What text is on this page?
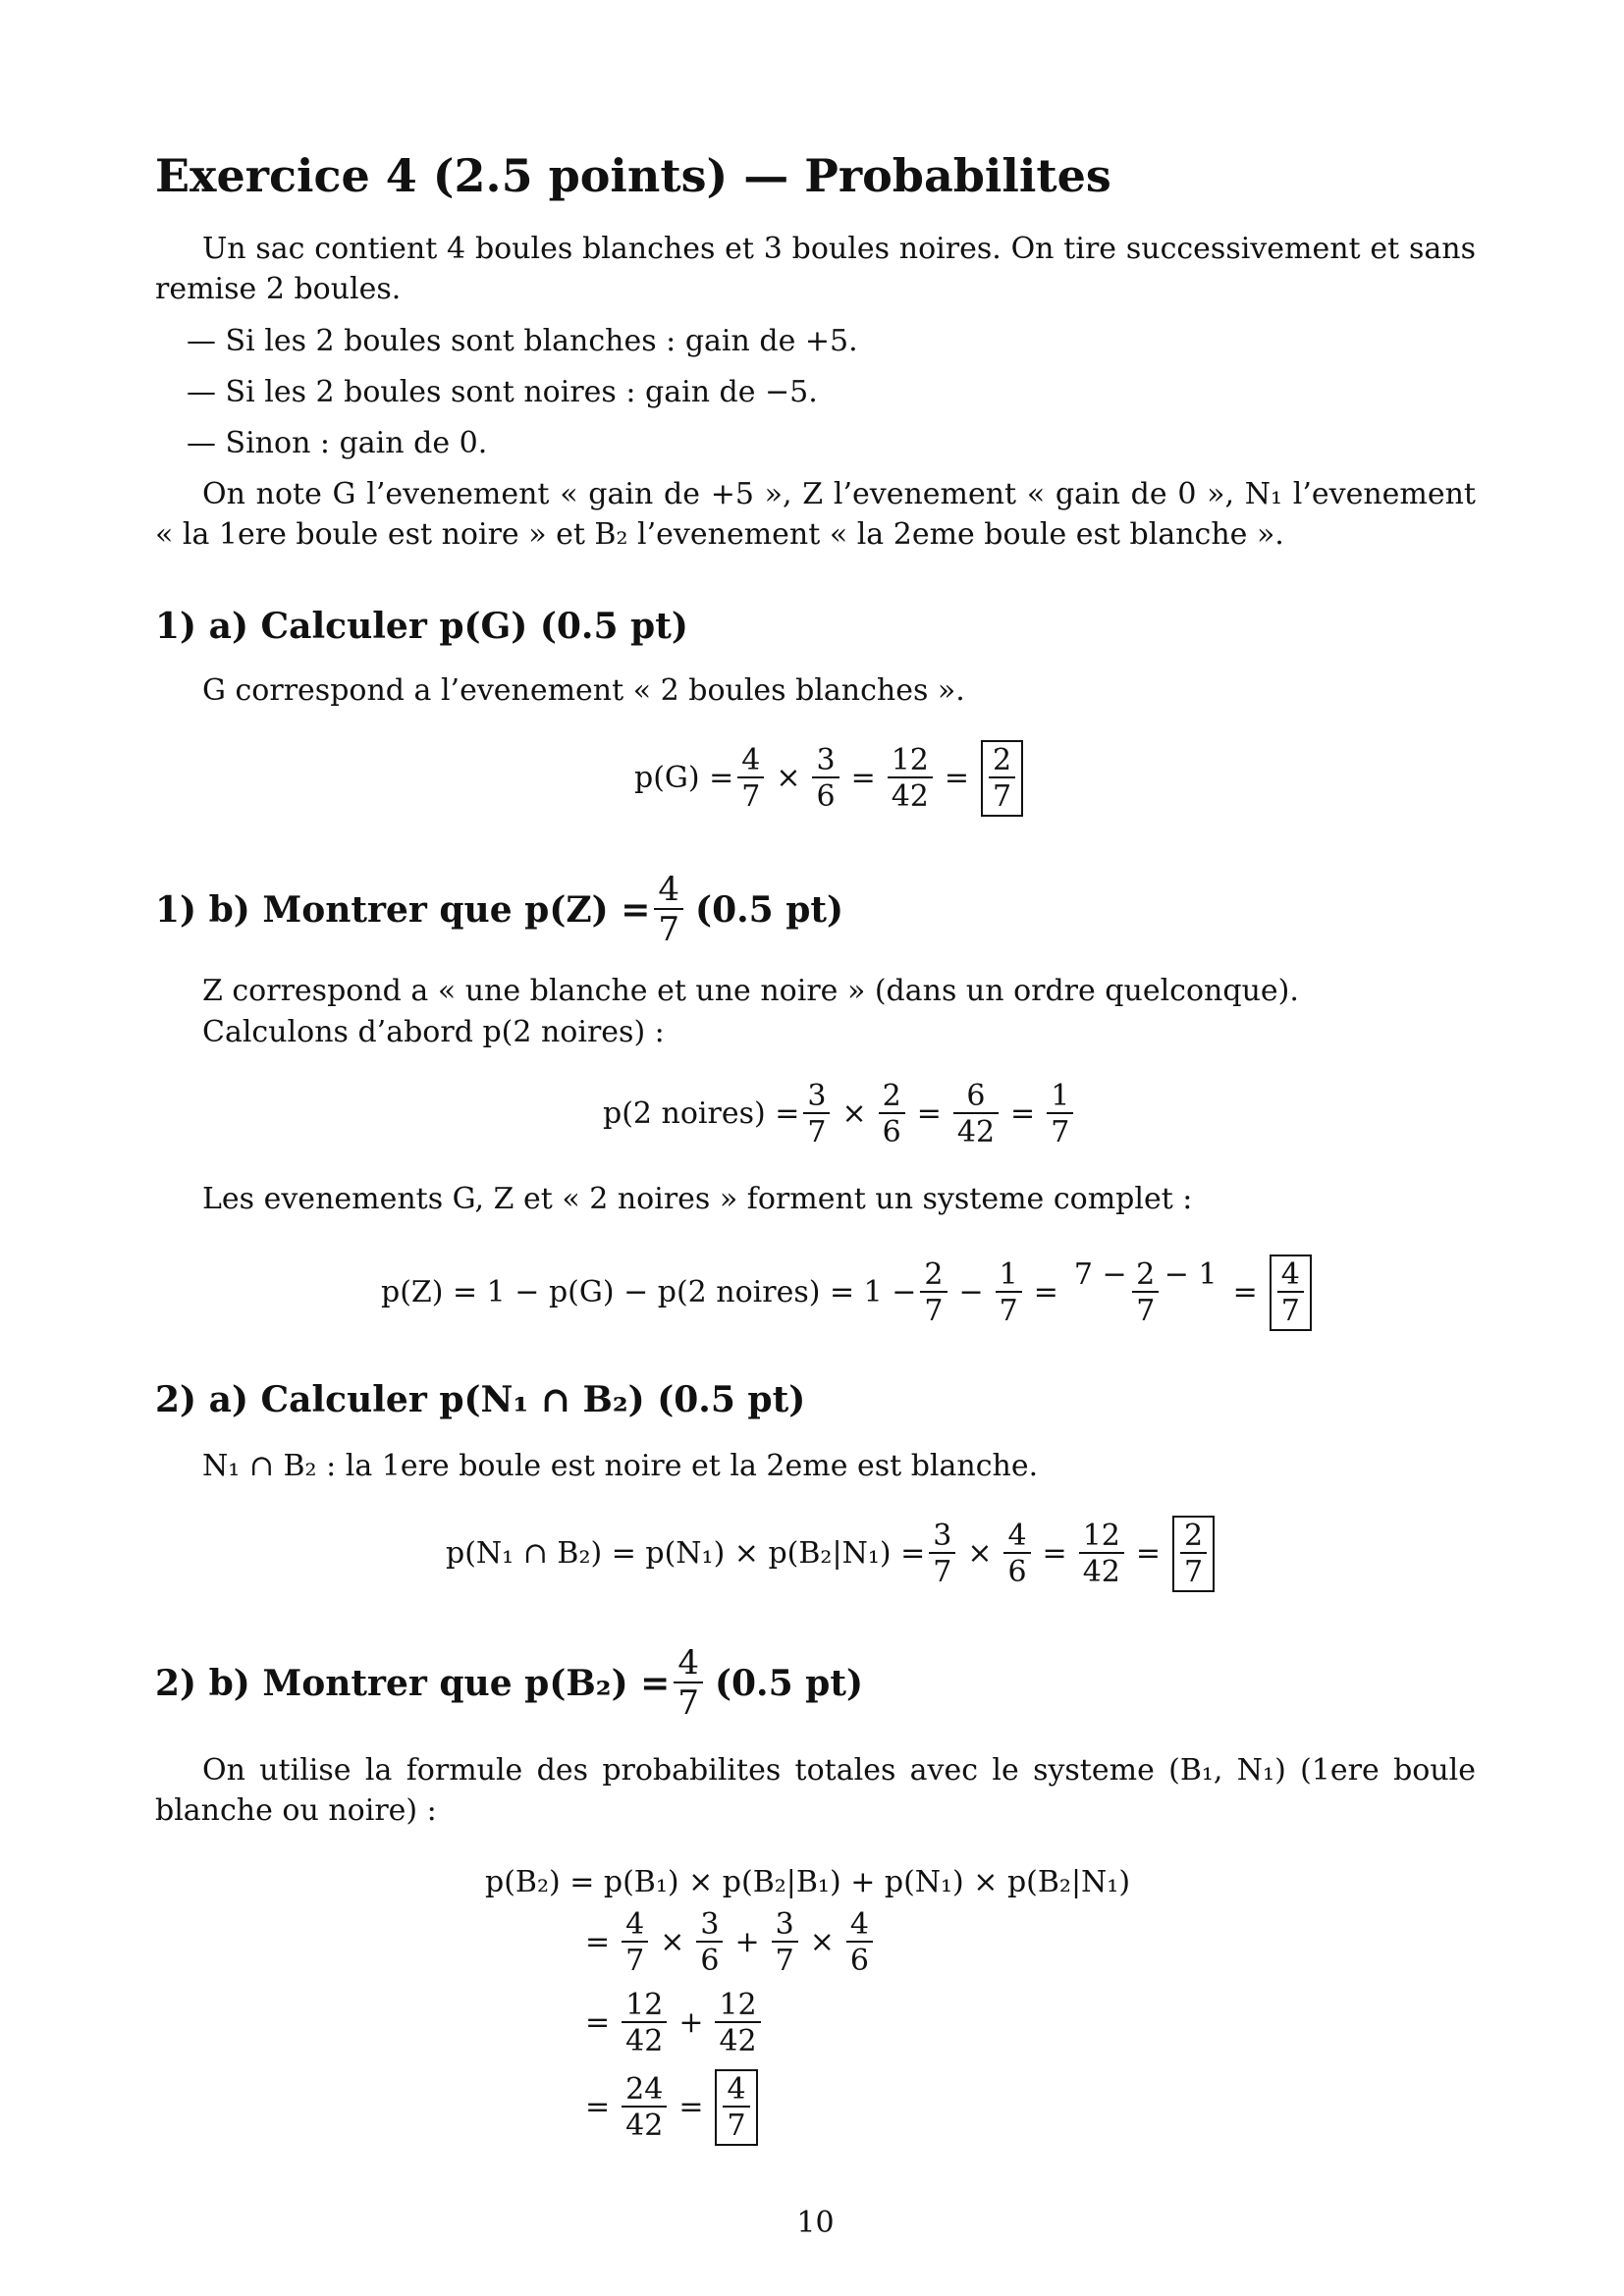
Exercice 4 (2.5 points) — Probabilites
Un sac contient 4 boules blanches et 3 boules noires. On tire successivement et sans remise 2 boules.
— Si les 2 boules sont blanches : gain de +5.
— Si les 2 boules sont noires : gain de −5.
— Sinon : gain de 0.
On note G l’evenement « gain de +5 », Z l’evenement « gain de 0 », N₁ l’evenement « la 1ere boule est noire » et B₂ l’evenement « la 2eme boule est blanche ».
1) a) Calculer p(G) (0.5 pt)
G correspond a l’evenement « 2 boules blanches ».
$p(G) = \frac{4}{7} \times \frac{3}{6} = \frac{12}{42}$ =
2
7
1) b) Montrer que $p(Z) = \frac{4}{7} (0.5$ pt)
Z correspond a « une blanche et une noire » (dans un ordre quelconque).
Calculons d’abord p(2 noires) :
p(2 noires) = $\frac{3}{7} \times \frac{2}{6} = \frac{6}{42} = \frac{1}{7}$
Les evenements G, Z et « 2 noires » forment un systeme complet :
p(Z) = 1 − p(G) − p(2 noires) = $1 - \frac{2}{7} - \frac{1}{7} = \frac{7 - 2 - 1}{7}$ =
4
7
2) a) Calculer p(N₁ ∩ B₂) (0.5 pt)
N₁ ∩ B₂ : la 1ere boule est noire et la 2eme est blanche.
p(N₁ ∩ $B_2) = p(N_1) \times p(B_2|N_1) = \frac{3}{7} \times \frac{4}{6} = \frac{12}{42}$ =
2
7
2) b) Montrer que $p(B_2) = \frac{4}{7} (0.5$ pt)
On utilise la formule des probabilites totales avec le systeme (B₁, N₁) (1ere boule blanche ou noire) :
p(B₂) = p(B₁) × p(B₂|B₁) + p(N₁) × p(B₂|N₁)
= $\frac{4}{7} \times \frac{3}{6} + \frac{3}{7} \times \frac{4}{6}$
= $\frac{12}{42} + \frac{12}{42}$
= $\frac{24}{42}$ =
4
7
10
